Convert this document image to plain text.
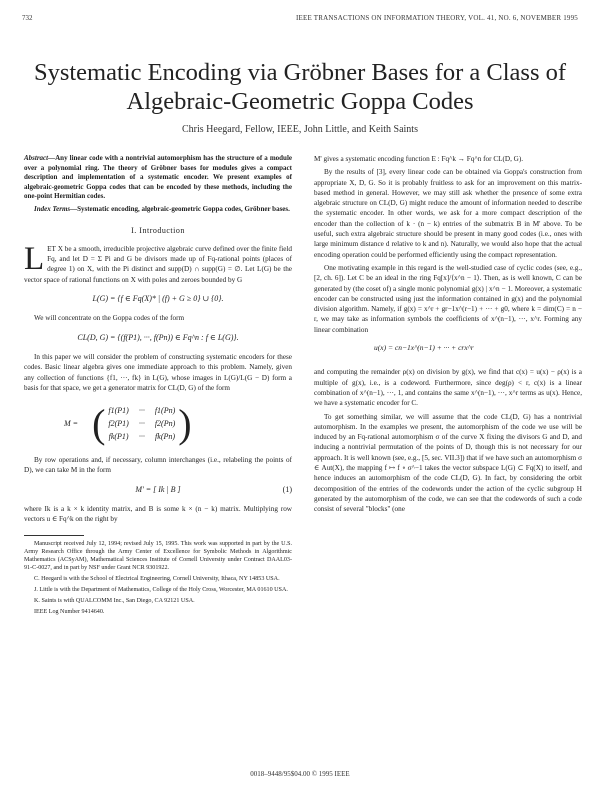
732	IEEE TRANSACTIONS ON INFORMATION THEORY, VOL. 41, NO. 6, NOVEMBER 1995
Systematic Encoding via Gröbner Bases for a Class of Algebraic-Geometric Goppa Codes
Chris Heegard, Fellow, IEEE, John Little, and Keith Saints

Abstract—Any linear code with a nontrivial automorphism has the structure of a module over a polynomial ring. The theory of Gröbner bases for modules gives a compact description and implementation of a systematic encoder. We present examples of algebraic-geometric Goppa codes that can be encoded by these methods, including the one-point Hermitian codes.

Index Terms—Systematic encoding, algebraic-geometric Goppa codes, Gröbner bases.

I. Introduction

LET X be a smooth, irreducible projective algebraic curve defined over the finite field Fq, and let D = Σ Pi and G be divisors made up of Fq-rational points (places of degree 1) on X, with the Pi distinct and supp(D) ∩ supp(G) = ∅. Let L(G) be the vector space of rational functions on X with poles and zeroes bounded by G

L(G) = {f ∈ Fq(X)* | (f) + G ≥ 0} ∪ {0}.

We will concentrate on the Goppa codes of the form

CL(D, G) = {(f(P1), ···, f(Pn)) ∈ Fq^n : f ∈ L(G)}.

In this paper we will consider the problem of constructing systematic encoders for these codes. Basic linear algebra gives one immediate approach to this problem. Namely, given any collection of functions {f1, ···, fk} in L(G), whose images in L(G)/L(G − D) form a basis for that space, we get a generator matrix for CL(D, G) of the form

M = ( f1(P1) ··· f1(Pn)
f2(P1) ··· f2(Pn)
fk(P1) ··· fk(Pn) )

By row operations and, if necessary, column interchanges (i.e., relabeling the points of D), we can take M in the form

M' = [ Ik | B ]	(1)

where Ik is a k × k identity matrix, and B is some k × (n − k) matrix. Multiplying row vectors u ∈ Fq^k on the right by

Manuscript received July 12, 1994; revised July 15, 1995. This work was supported in part by the U.S. Army Research Office through the Army Center of Excellence for Symbolic Methods in Algorithmic Mathematics (ACSyAM), Mathematical Sciences Institute of Cornell University under Contract DAAL03-91-C-0027, and in part by NSF under Grant NCR 9301922.

C. Heegard is with the School of Electrical Engineering, Cornell University, Ithaca, NY 14853 USA.

J. Little is with the Department of Mathematics, College of the Holy Cross, Worcester, MA 01610 USA.

K. Saints is with QUALCOMM Inc., San Diego, CA 92121 USA.

IEEE Log Number 9414640.

M' gives a systematic encoding function E : Fq^k → Fq^n for CL(D, G).

By the results of [3], every linear code can be obtained via Goppa's construction from appropriate X, D, G. So it is probably fruitless to ask for an improvement on this matrix-based method in general. However, we may still ask whether the presence of some extra algebraic structure on CL(D, G) might reduce the amount of information needed to describe the systematic encoder. In other words, we ask for a more compact description of the encoder than the collection of k · (n − k) entries of the submatrix B in M' above. To be useful, such extra algebraic structure should be present in many good codes (i.e., ones with large minimum distance d relative to k and n). Naturally, we would also hope that the actual encoding operation could be performed efficiently using the compact representation.

One motivating example in this regard is the well-studied case of cyclic codes (see, e.g., [2, ch. 6]). Let C be an ideal in the ring Fq[x]/⟨x^n − 1⟩. Then, as is well known, C can be generated by (the coset of) a single monic polynomial g(x) | x^n − 1. Moreover, a systematic encoder can be constructed using just the information contained in g(x) and the polynomial division algorithm. Namely, if g(x) = x^r + gr−1x^(r−1) + ··· + g0, where k = dim(C) = n − r, we may take as information symbols the coefficients of x^(n−1), ···, x^r. Forming any linear combination

u(x) = cn−1x^(n−1) + ··· + crx^r

and computing the remainder ρ(x) on division by g(x), we find that c(x) = u(x) − ρ(x) is a multiple of g(x), i.e., is a codeword. Furthermore, since deg(ρ) < r, c(x) is a linear combination of x^(n−1), ···, 1, and contains the same x^(n−1), ···, x^r terms as u(x). Hence, we have a systematic encoder for C.

To get something similar, we will assume that the code CL(D, G) has a nontrivial automorphism. In the examples we present, the automorphism of the code we use will be induced by an Fq-rational automorphism σ of the curve X fixing the divisors G and D, and inducing a nontrivial permutation of the points of D, though this is not necessary for our approach. It is well known (see, e.g., [5, sec. VII.3]) that if we have such an automorphism σ ∈ Aut(X), the mapping f ↦ f ∘ σ^−1 takes the vector subspace L(G) ⊂ Fq(X) to itself, and hence induces an automorphism of the code CL(D, G). In fact, by considering the orbit decomposition of the entries of the codewords under the action of the cyclic subgroup H generated by the automorphism of the code, we can see that the codewords of such a code consist of several "blocks" (one

0018–9448/95$04.00 © 1995 IEEE
